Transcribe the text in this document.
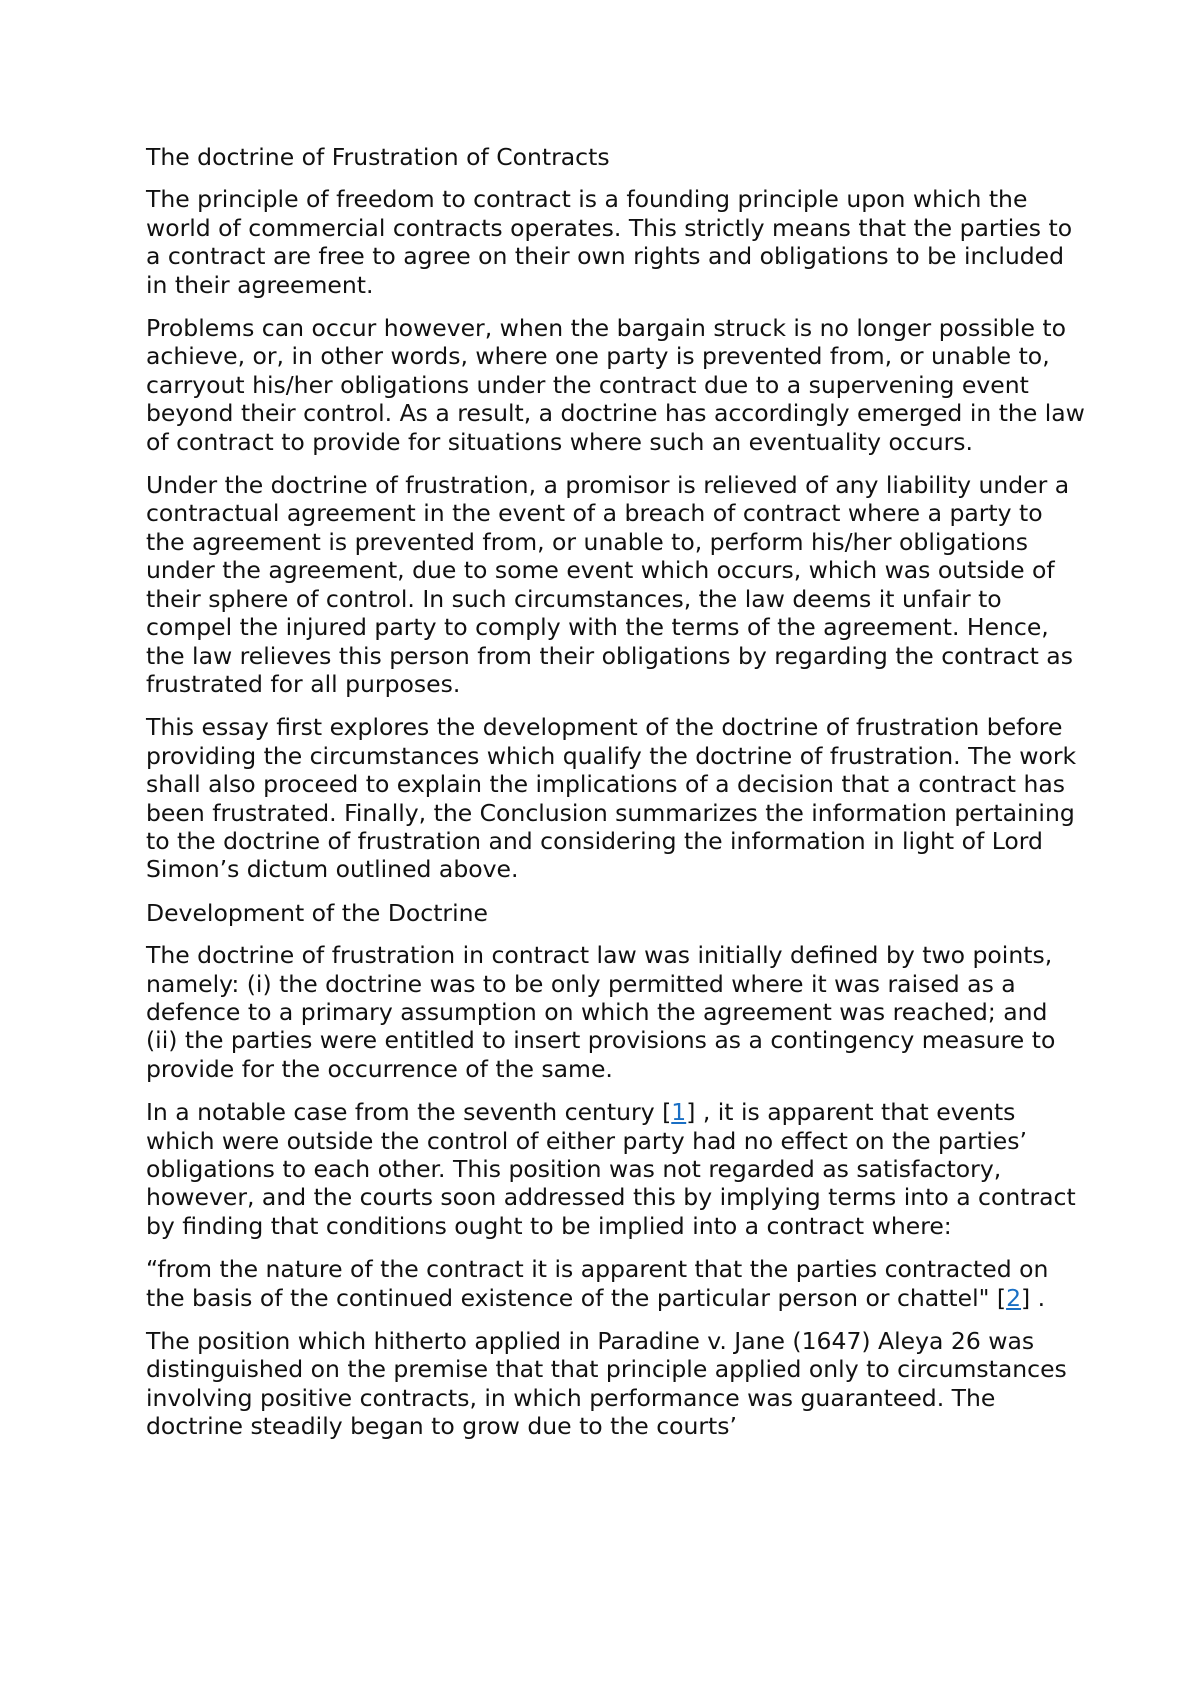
The doctrine of Frustration of Contracts

The principle of freedom to contract is a founding principle upon which the world of commercial contracts operates. This strictly means that the parties to a contract are free to agree on their own rights and obligations to be included in their agreement.

Problems can occur however, when the bargain struck is no longer possible to achieve, or, in other words, where one party is prevented from, or unable to, carryout his/her obligations under the contract due to a supervening event beyond their control. As a result, a doctrine has accordingly emerged in the law of contract to provide for situations where such an eventuality occurs.

Under the doctrine of frustration, a promisor is relieved of any liability under a contractual agreement in the event of a breach of contract where a party to the agreement is prevented from, or unable to, perform his/her obligations under the agreement, due to some event which occurs, which was outside of their sphere of control. In such circumstances, the law deems it unfair to compel the injured party to comply with the terms of the agreement. Hence, the law relieves this person from their obligations by regarding the contract as frustrated for all purposes.

This essay first explores the development of the doctrine of frustration before providing the circumstances which qualify the doctrine of frustration. The work shall also proceed to explain the implications of a decision that a contract has been frustrated. Finally, the Conclusion summarizes the information pertaining to the doctrine of frustration and considering the information in light of Lord Simon’s dictum outlined above.

Development of the Doctrine

The doctrine of frustration in contract law was initially defined by two points, namely: (i) the doctrine was to be only permitted where it was raised as a defence to a primary assumption on which the agreement was reached; and (ii) the parties were entitled to insert provisions as a contingency measure to provide for the occurrence of the same.

In a notable case from the seventh century [1] , it is apparent that events which were outside the control of either party had no effect on the parties’ obligations to each other. This position was not regarded as satisfactory, however, and the courts soon addressed this by implying terms into a contract by finding that conditions ought to be implied into a contract where:

“from the nature of the contract it is apparent that the parties contracted on the basis of the continued existence of the particular person or chattel" [2] .

The position which hitherto applied in Paradine v. Jane (1647) Aleya 26 was distinguished on the premise that that principle applied only to circumstances involving positive contracts, in which performance was guaranteed. The doctrine steadily began to grow due to the courts’
